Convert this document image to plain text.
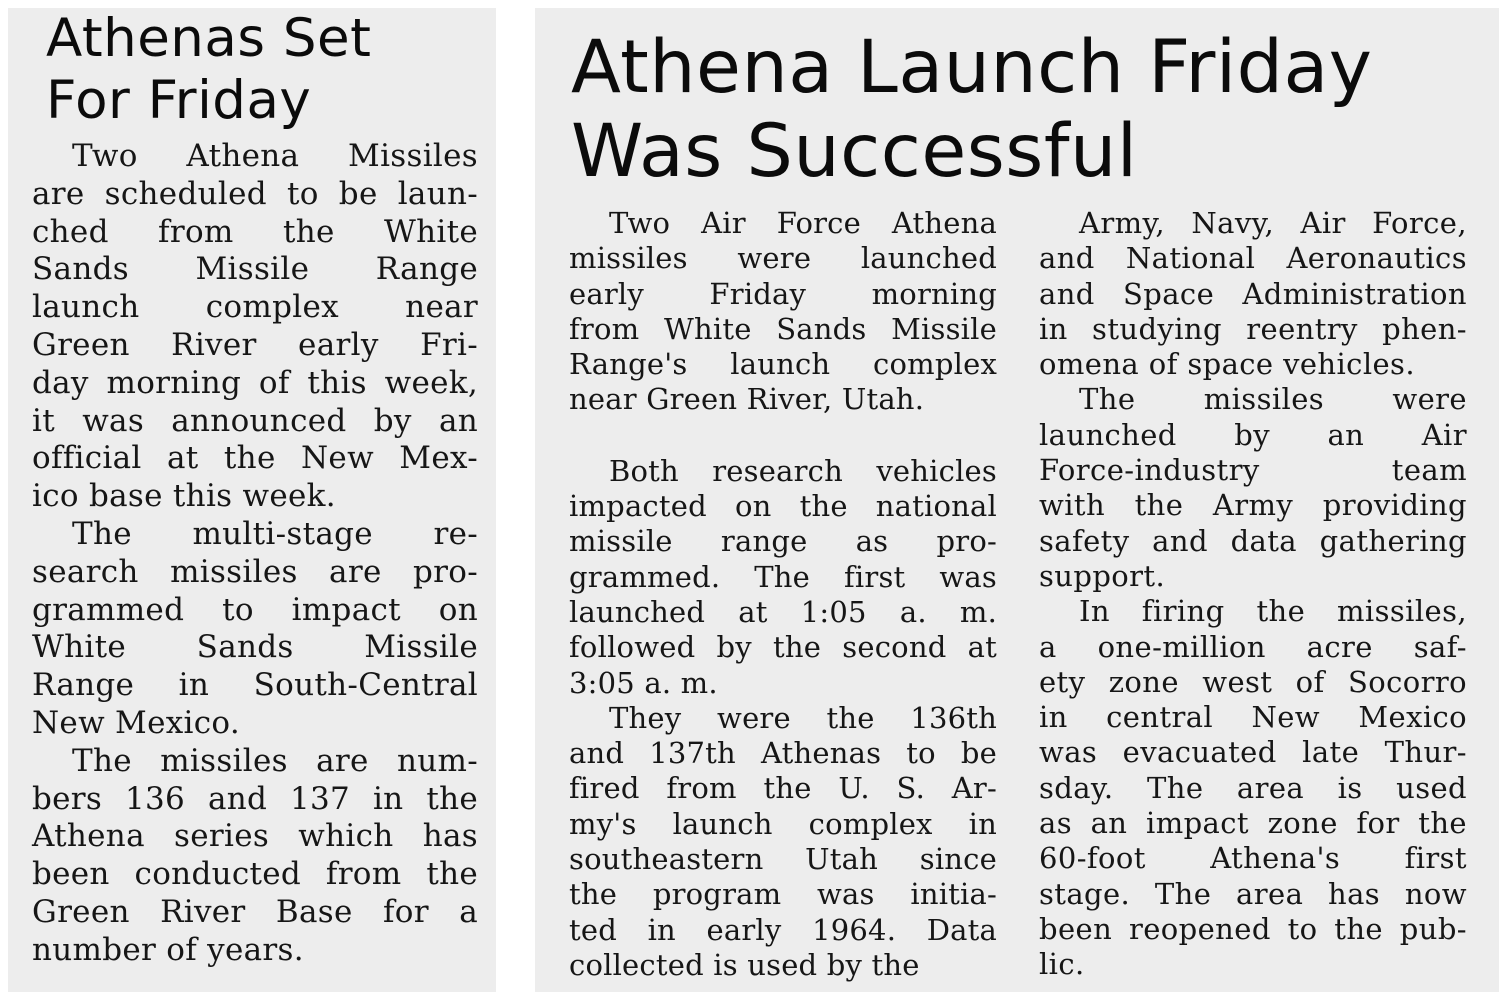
Athenas Set
For Friday

Two Athena Missiles

are scheduled to be laun-

ched from the White

Sands Missile Range

launch complex near

Green River early Fri-

day morning of this week,

it was announced by an

official at the New Mex-

ico base this week.

The multi-stage re-

search missiles are pro-

grammed to impact on

White Sands Missile

Range in South-Central

New Mexico.

The missiles are num-

bers 136 and 137 in the

Athena series which has

been conducted from the

Green River Base for a

number of years.

Athena Launch Friday
Was Successful

Two Air Force Athena

missiles were launched

early Friday morning

from White Sands Missile

Range's launch complex

near Green River, Utah.

Both research vehicles

impacted on the national

missile range as pro-

grammed. The first was

launched at 1:05 a. m.

followed by the second at

3:05 a. m.

They were the 136th

and 137th Athenas to be

fired from the U. S. Ar-

my's launch complex in

southeastern Utah since

the program was initia-

ted in early 1964. Data

collected is used by the

Army, Navy, Air Force,

and National Aeronautics

and Space Administration

in studying reentry phen-

omena of space vehicles.

The missiles were

launched by an Air

Force-industry team

with the Army providing

safety and data gathering

support.

In firing the missiles,

a one-million acre saf-

ety zone west of Socorro

in central New Mexico

was evacuated late Thur-

sday. The area is used

as an impact zone for the

60-foot Athena's first

stage. The area has now

been reopened to the pub-

lic.
